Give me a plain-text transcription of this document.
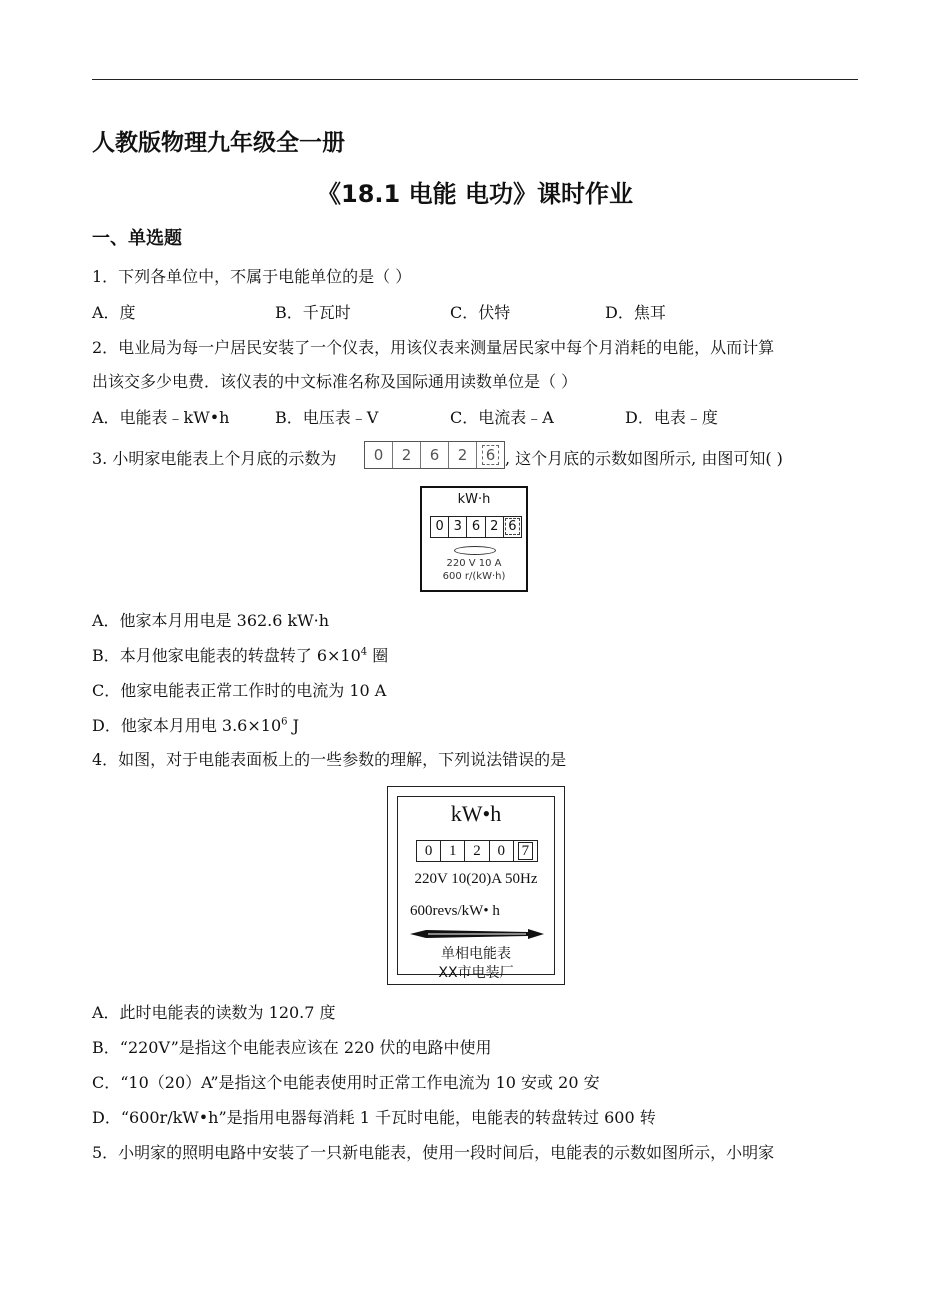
人教版物理九年级全一册
《18.1 电能 电功》课时作业
一、单选题
1．下列各单位中，不属于电能单位的是（ ）
A．度	B．千瓦时	C．伏特	D．焦耳
2．电业局为每一户居民安装了一个仪表，用该仪表来测量居民家中每个月消耗的电能，从而计算
出该交多少电费．该仪表的中文标准名称及国际通用读数单位是（ ）
A．电能表﹣kW•h	B．电压表﹣V	C．电流表﹣A	D．电表﹣度
3. 小明家电能表上个月底的示数为	0	2	6	2	6 , 这个月底的示数如图所示, 由图可知( )
kW·h
0 3 6 2 6
220 V 10 A
600 r/(kW·h)
A．他家本月用电是 362.6 kW·h
B．本月他家电能表的转盘转了 $6\times 10^4$ 圈
C．他家电能表正常工作时的电流为 10 A
D．他家本月用电 $3.6\times 10^6$ J
4．如图，对于电能表面板上的一些参数的理解，下列说法错误的是
kW•h
0	1	2	0	7
220V 10(20)A 50Hz
600revs/kW• h
单相电能表
XX市电装厂
A．此时电能表的读数为 120.7 度
B．“220V”是指这个电能表应该在 220 伏的电路中使用
C．“10（20）A”是指这个电能表使用时正常工作电流为 10 安或 20 安
D．“600r/kW•h”是指用电器每消耗 1 千瓦时电能，电能表的转盘转过 600 转
5．小明家的照明电路中安装了一只新电能表，使用一段时间后，电能表的示数如图所示，小明家
